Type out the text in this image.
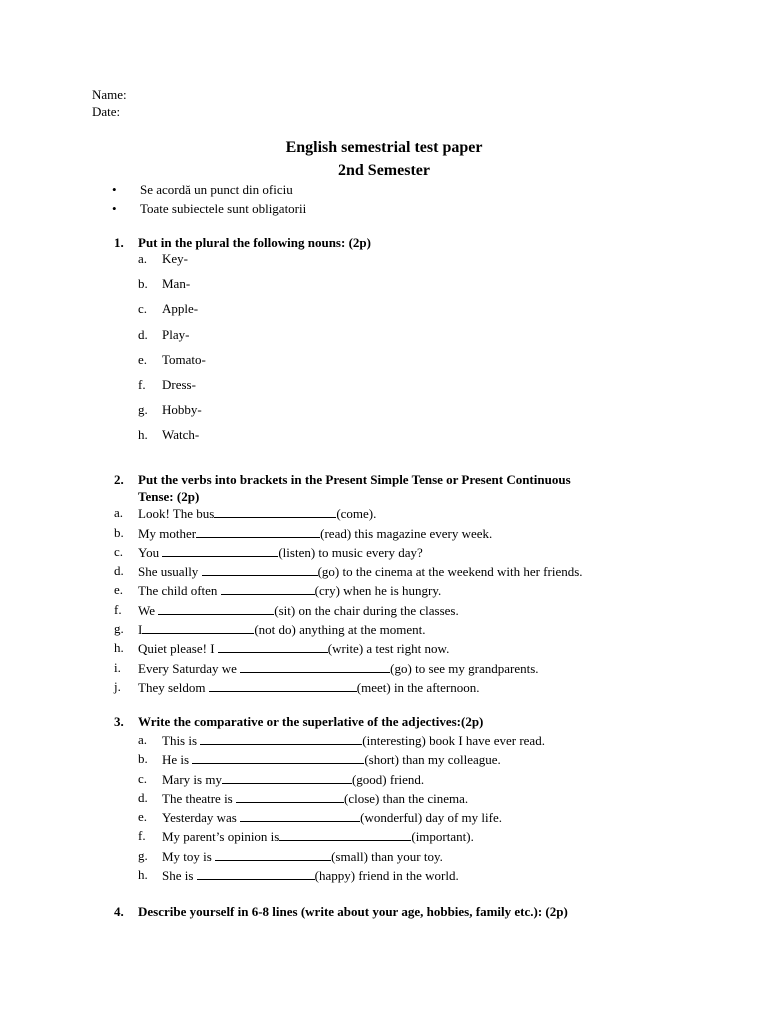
Name:
Date:
English semestrial test paper
2nd Semester
•	Se acordă un punct din oficiu
•	Toate subiectele sunt obligatorii
1. Put in the plural the following nouns: (2p)
a.	Key-
b.	Man-
c.	Apple-
d.	Play-
e.	Tomato-
f.	Dress-
g.	Hobby-
h.	Watch-
2. Put the verbs into brackets in the Present Simple Tense or Present Continuous
Tense: (2p)
a.	Look! The bus	(come).
b.	My mother	(read) this magazine every week.
c.	You	(listen) to music every day?
d.	She usually	(go) to the cinema at the weekend with her friends.
e.	The child often	(cry) when he is hungry.
f.	We	(sit) on the chair during the classes.
g.	I	(not do) anything at the moment.
h.	Quiet please! I	(write) a test right now.
i.	Every Saturday we	(go) to see my grandparents.
j.	They seldom	(meet) in the afternoon.
3. Write the comparative or the superlative of the adjectives:(2p)
a.	This is	(interesting) book I have ever read.
b.	He is	(short) than my colleague.
c.	Mary is my	(good) friend.
d.	The theatre is	(close) than the cinema.
e.	Yesterday was	(wonderful) day of my life.
f.	My parent’s opinion is	(important).
g.	My toy is	(small) than your toy.
h.	She is	(happy) friend in the world.
4. Describe yourself in 6-8 lines (write about your age, hobbies, family etc.): (2p)
